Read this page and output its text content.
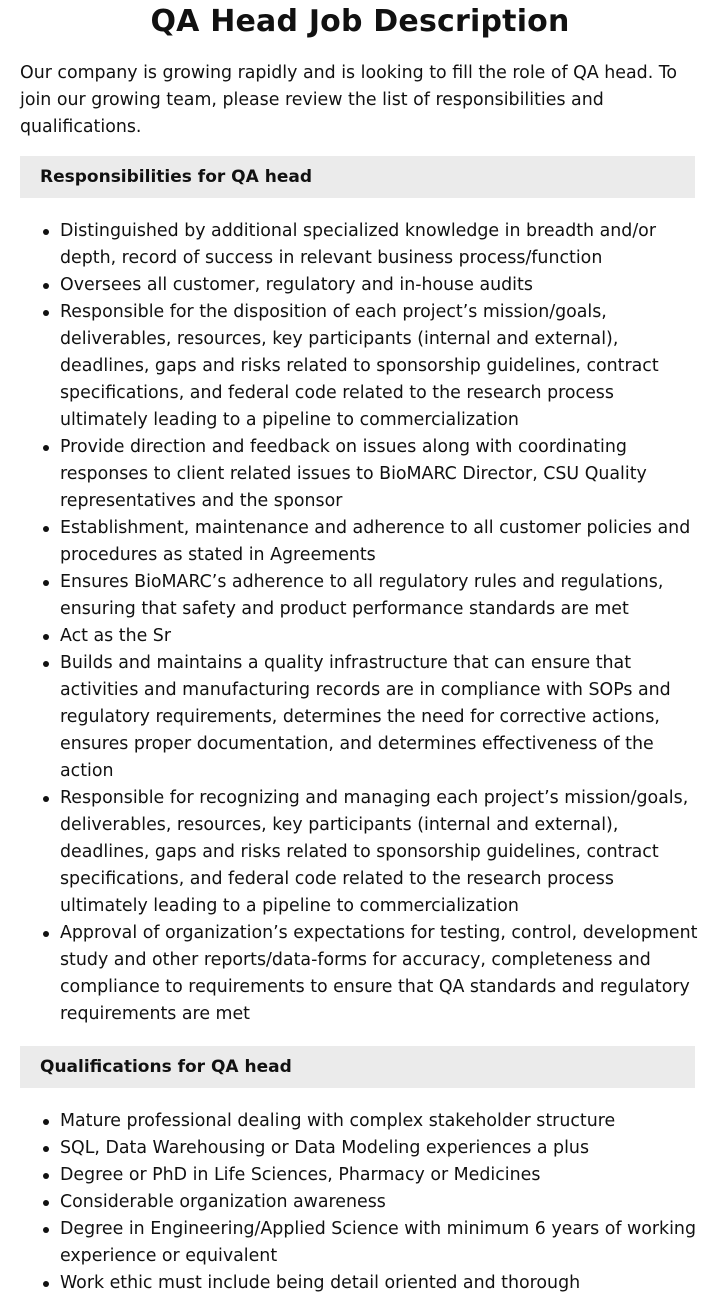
QA Head Job Description

Our company is growing rapidly and is looking to fill the role of QA head. To join our growing team, please review the list of responsibilities and qualifications.

Responsibilities for QA head
Distinguished by additional specialized knowledge in breadth and/or depth, record of success in relevant business process/function
Oversees all customer, regulatory and in-house audits
Responsible for the disposition of each project’s mission/goals, deliverables, resources, key participants (internal and external), deadlines, gaps and risks related to sponsorship guidelines, contract specifications, and federal code related to the research process ultimately leading to a pipeline to commercialization
Provide direction and feedback on issues along with coordinating responses to client related issues to BioMARC Director, CSU Quality representatives and the sponsor
Establishment, maintenance and adherence to all customer policies and procedures as stated in Agreements
Ensures BioMARC’s adherence to all regulatory rules and regulations, ensuring that safety and product performance standards are met
Act as the Sr
Builds and maintains a quality infrastructure that can ensure that activities and manufacturing records are in compliance with SOPs and regulatory requirements, determines the need for corrective actions, ensures proper documentation, and determines effectiveness of the action
Responsible for recognizing and managing each project’s mission/goals, deliverables, resources, key participants (internal and external), deadlines, gaps and risks related to sponsorship guidelines, contract specifications, and federal code related to the research process ultimately leading to a pipeline to commercialization
Approval of organization’s expectations for testing, control, development study and other reports/data-forms for accuracy, completeness and compliance to requirements to ensure that QA standards and regulatory requirements are met
Qualifications for QA head
Mature professional dealing with complex stakeholder structure
SQL, Data Warehousing or Data Modeling experiences a plus
Degree or PhD in Life Sciences, Pharmacy or Medicines
Considerable organization awareness
Degree in Engineering/Applied Science with minimum 6 years of working experience or equivalent
Work ethic must include being detail oriented and thorough
